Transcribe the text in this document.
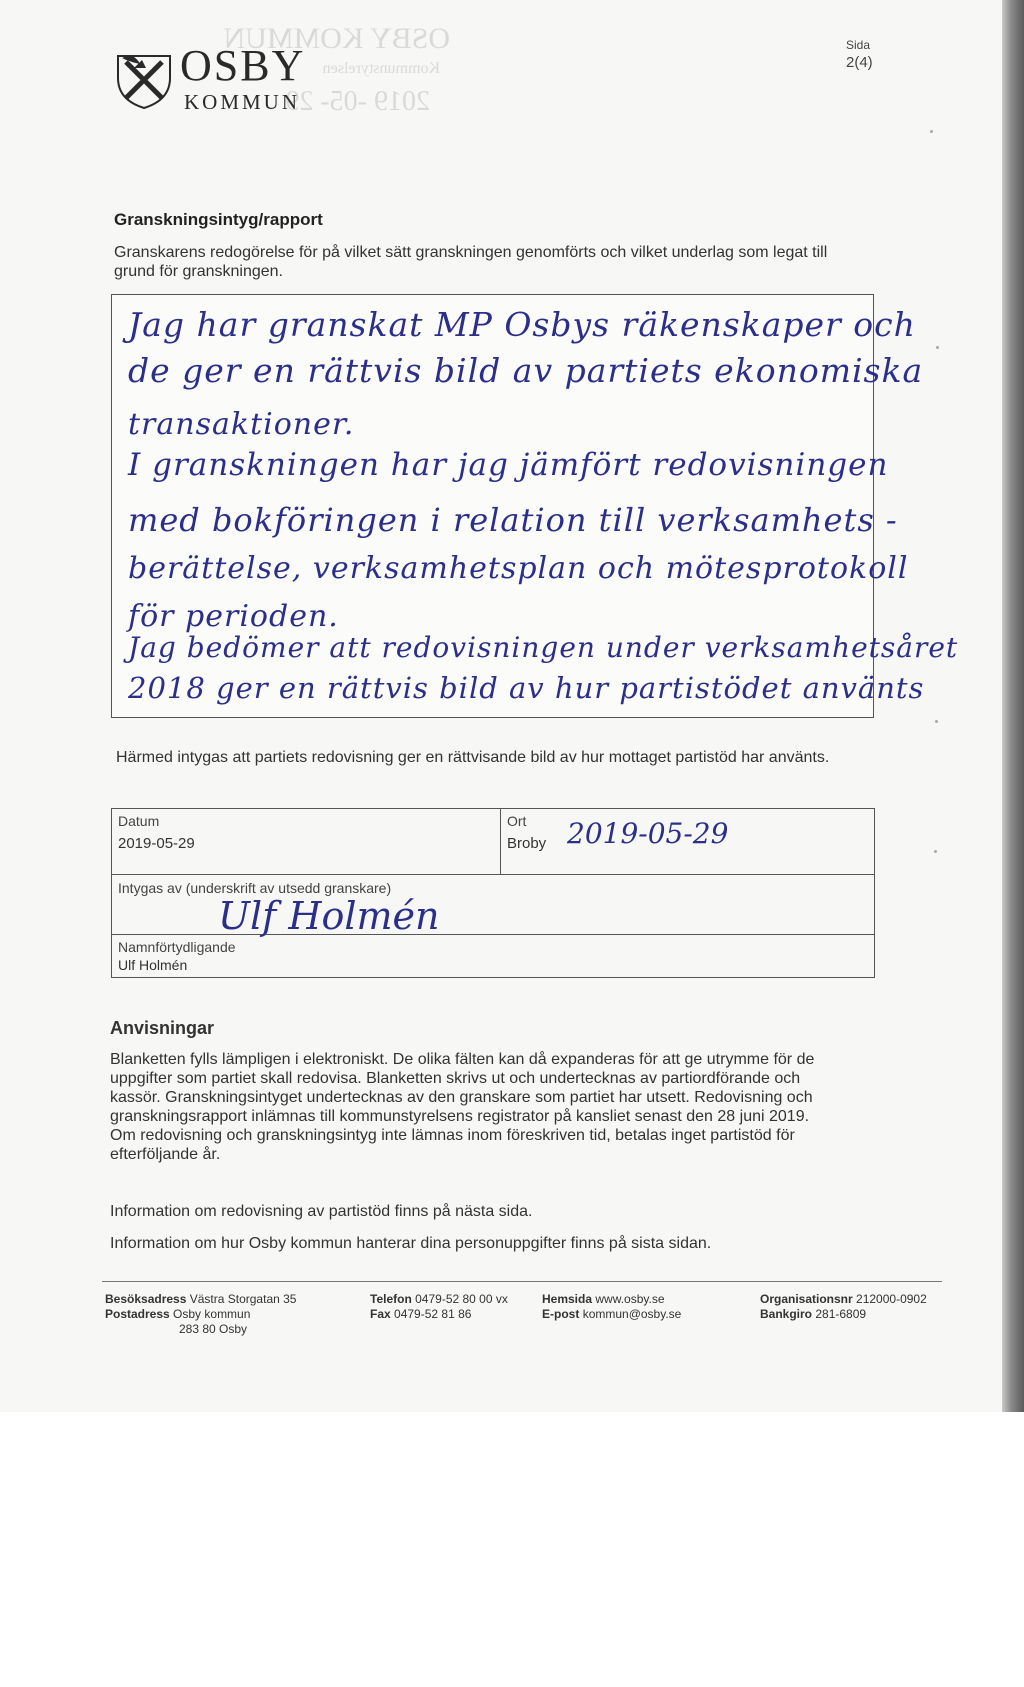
OSBY
KOMMUN
OSBY KOMMUN
Kommunstyrelsen
2019 -05- 29
Sida
2(4)
Granskningsintyg/rapport
Granskarens redogörelse för på vilket sätt granskningen genomförts och vilket underlag som legat till grund för granskningen.
Jag har granskat MP Osbys räkenskaper och
de ger en rättvis bild av partiets ekonomiska
transaktioner.
I granskningen har jag jämfört redovisningen
med bokföringen i relation till verksamhets -
berättelse, verksamhetsplan och mötesprotokoll
för perioden.
Jag bedömer att redovisningen under verksamhetsåret
2018 ger en rättvis bild av hur partistödet använts
Härmed intygas att partiets redovisning ger en rättvisande bild av hur mottaget partistöd har använts.
Datum
2019-05-29
Ort
Broby 2019-05-29
Intygas av (underskrift av utsedd granskare)
Ulf Holmén
Namnförtydligande
Ulf Holmén
Anvisningar
Blanketten fylls lämpligen i elektroniskt. De olika fälten kan då expanderas för att ge utrymme för de uppgifter som partiet skall redovisa. Blanketten skrivs ut och undertecknas av partiordförande och kassör. Granskningsintyget undertecknas av den granskare som partiet har utsett. Redovisning och granskningsrapport inlämnas till kommunstyrelsens registrator på kansliet senast den 28 juni 2019. Om redovisning och granskningsintyg inte lämnas inom föreskriven tid, betalas inget partistöd för efterföljande år.
Information om redovisning av partistöd finns på nästa sida.
Information om hur Osby kommun hanterar dina personuppgifter finns på sista sidan.
Besöksadress Västra Storgatan 35
Postadress Osby kommun
283 80 Osby
Telefon 0479-52 80 00 vx
Fax 0479-52 81 86
Hemsida www.osby.se
E-post kommun@osby.se
Organisationsnr 212000-0902
Bankgiro 281-6809
